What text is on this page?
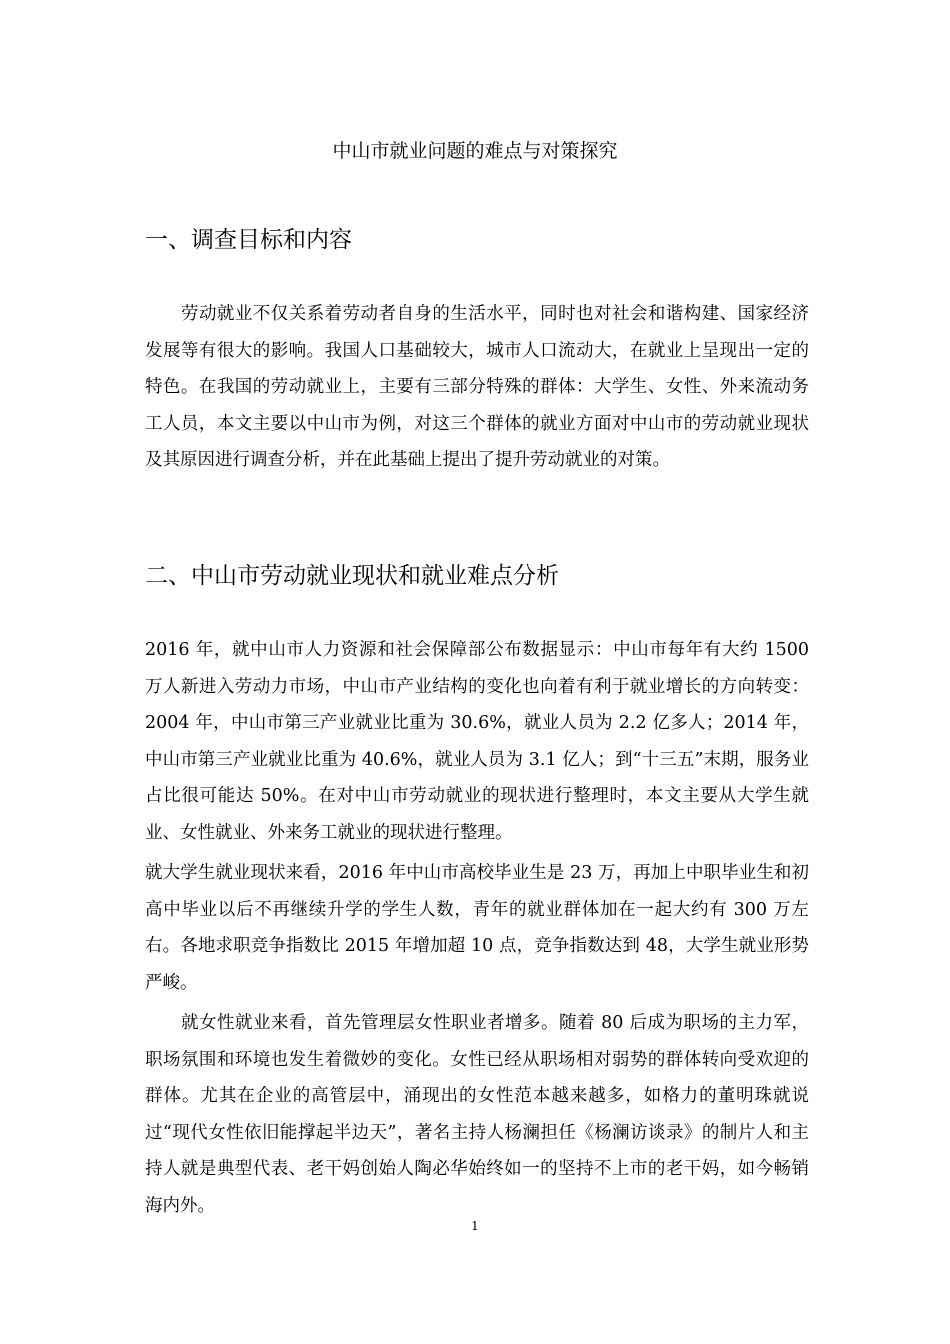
中山市就业问题的难点与对策探究
一、调查目标和内容

劳动就业不仅关系着劳动者自身的生活水平，同时也对社会和谐构建、国家经济发展等有很大的影响。我国人口基础较大，城市人口流动大，在就业上呈现出一定的特色。在我国的劳动就业上，主要有三部分特殊的群体：大学生、女性、外来流动务工人员，本文主要以中山市为例，对这三个群体的就业方面对中山市的劳动就业现状及其原因进行调查分析，并在此基础上提出了提升劳动就业的对策。

二、中山市劳动就业现状和就业难点分析

2016 年，就中山市人力资源和社会保障部公布数据显示：中山市每年有大约 1500 万人新进入劳动力市场，中山市产业结构的变化也向着有利于就业增长的方向转变：2004 年，中山市第三产业就业比重为 30.6%，就业人员为 2.2 亿多人；2014 年，中山市第三产业就业比重为 40.6%，就业人员为 3.1 亿人；到“十三五”末期，服务业占比很可能达 50%。在对中山市劳动就业的现状进行整理时，本文主要从大学生就业、女性就业、外来务工就业的现状进行整理。

就大学生就业现状来看，2016 年中山市高校毕业生是 23 万，再加上中职毕业生和初高中毕业以后不再继续升学的学生人数，青年的就业群体加在一起大约有 300 万左右。各地求职竞争指数比 2015 年增加超 10 点，竞争指数达到 48，大学生就业形势严峻。

就女性就业来看，首先管理层女性职业者增多。随着 80 后成为职场的主力军，职场氛围和环境也发生着微妙的变化。女性已经从职场相对弱势的群体转向受欢迎的群体。尤其在企业的高管层中，涌现出的女性范本越来越多，如格力的董明珠就说过“现代女性依旧能撑起半边天”，著名主持人杨澜担任《杨澜访谈录》的制片人和主持人就是典型代表、老干妈创始人陶必华始终如一的坚持不上市的老干妈，如今畅销海内外。

1
